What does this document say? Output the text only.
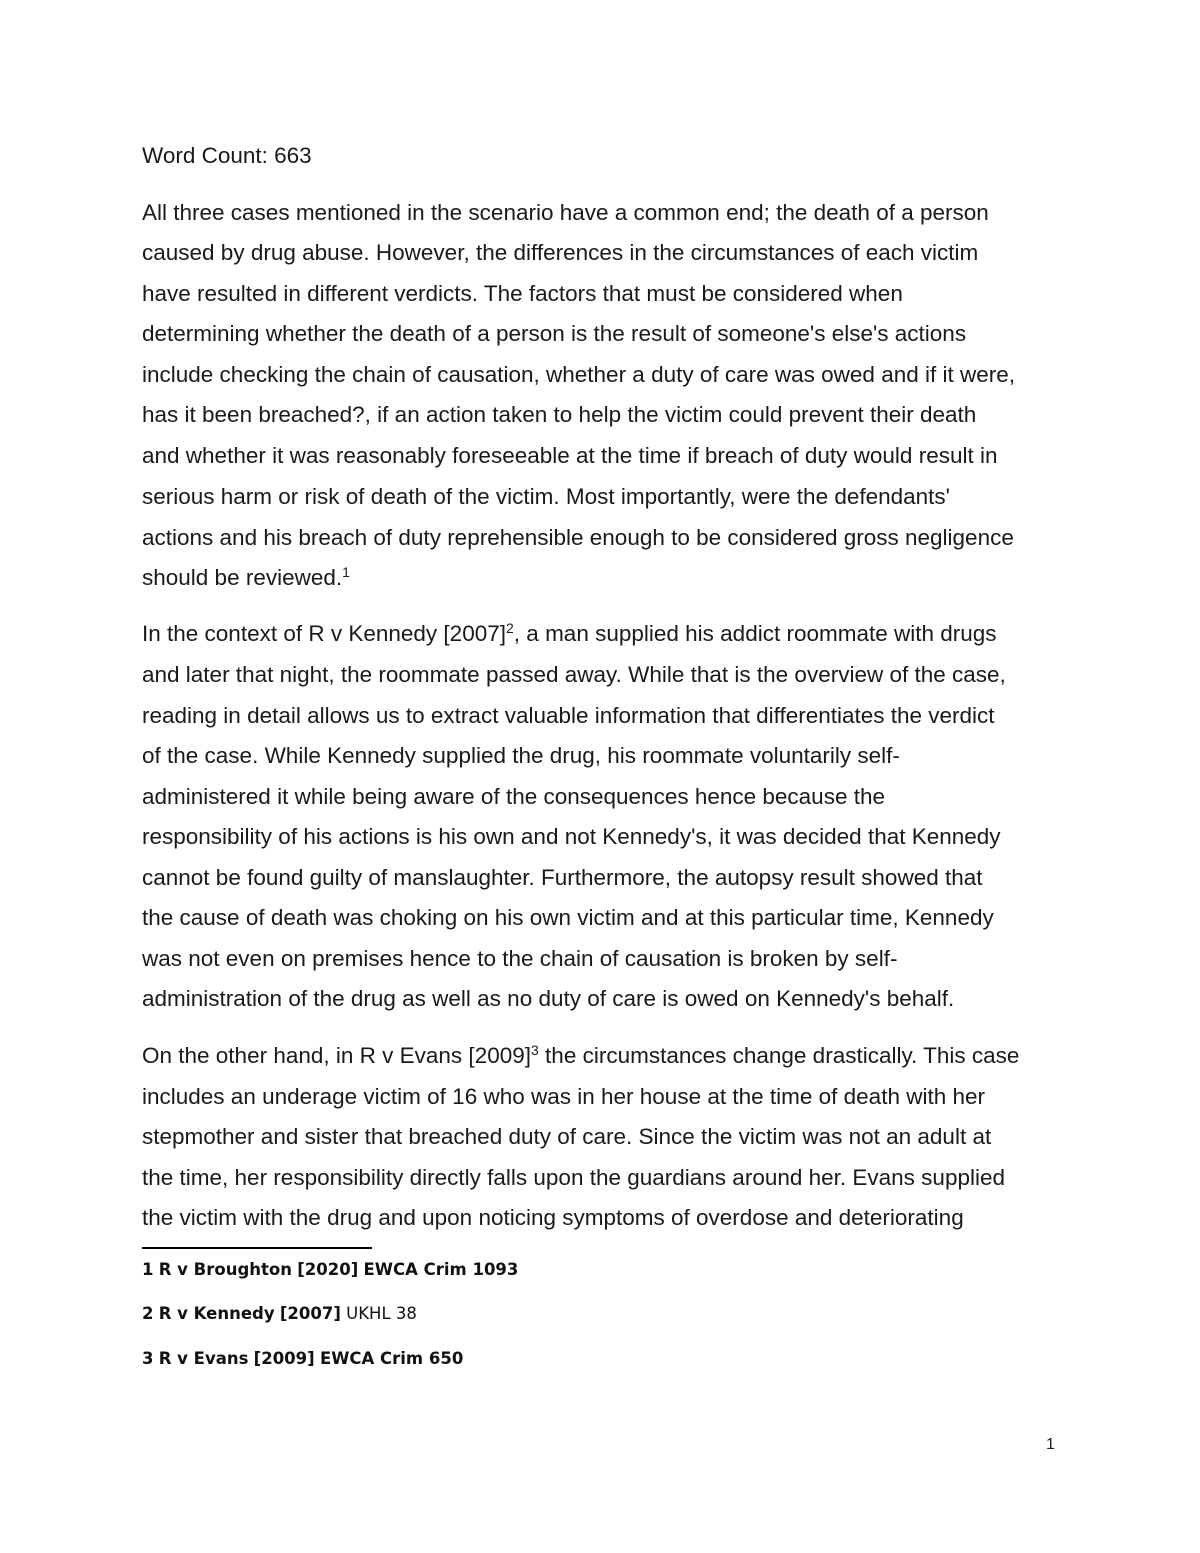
Word Count: 663
All three cases mentioned in the scenario have a common end; the death of a person
caused by drug abuse. However, the differences in the circumstances of each victim
have resulted in different verdicts. The factors that must be considered when
determining whether the death of a person is the result of someone's else's actions
include checking the chain of causation, whether a duty of care was owed and if it were,
has it been breached?, if an action taken to help the victim could prevent their death
and whether it was reasonably foreseeable at the time if breach of duty would result in
serious harm or risk of death of the victim. Most importantly, were the defendants'
actions and his breach of duty reprehensible enough to be considered gross negligence
should be reviewed.$^1$
In the context of R v Kennedy $[2007]^2$, a man supplied his addict roommate with drugs
and later that night, the roommate passed away. While that is the overview of the case,
reading in detail allows us to extract valuable information that differentiates the verdict
of the case. While Kennedy supplied the drug, his roommate voluntarily self-
administered it while being aware of the consequences hence because the
responsibility of his actions is his own and not Kennedy's, it was decided that Kennedy
cannot be found guilty of manslaughter. Furthermore, the autopsy result showed that
the cause of death was choking on his own victim and at this particular time, Kennedy
was not even on premises hence to the chain of causation is broken by self-
administration of the drug as well as no duty of care is owed on Kennedy's behalf.
On the other hand, in R v Evans $[2009]^3$ the circumstances change drastically. This case
includes an underage victim of 16 who was in her house at the time of death with her
stepmother and sister that breached duty of care. Since the victim was not an adult at
the time, her responsibility directly falls upon the guardians around her. Evans supplied
the victim with the drug and upon noticing symptoms of overdose and deteriorating
1 R v Broughton [2020] EWCA Crim 1093
2 R v Kennedy [2007] UKHL 38
3 R v Evans [2009] EWCA Crim 650
1
